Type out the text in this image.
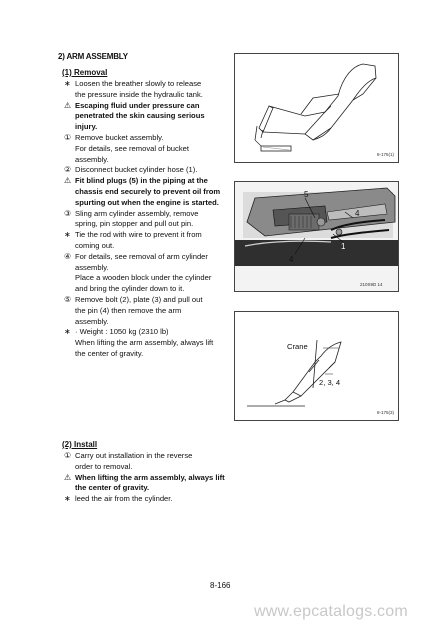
2) ARM ASSEMBLY
(1) Removal
∗ Loosen the breather slowly to release
the pressure inside the hydraulic tank.
⚠ Escaping fluid under pressure can
penetrated the skin causing serious
injury.
① Remove bucket assembly.
For details, see removal of bucket
assembly.
② Disconnect bucket cylinder hose (1).
⚠ Fit blind plugs (5) in the piping at the
chassis end securely to prevent oil from
spurting out when the engine is started.
③ Sling arm cylinder assembly, remove
spring, pin stopper and pull out pin.
∗ Tie the rod with wire to prevent it from
coming out.
④ For details, see removal of arm cylinder
assembly.
Place a wooden block under the cylinder
and bring the cylinder down to it.
⑤ Remove bolt (2), plate (3) and pull out
the pin (4) then remove the arm
assembly.
∗ · Weight : 1050 kg (2310 lb)
When lifting the arm assembly, always lift
the center of gravity.
(2) Install
① Carry out installation in the reverse
order to removal.
⚠ When lifting the arm assembly, always lift
the center of gravity.
∗ leed the air from the cylinder.
8-175(1)
5
4
4
1
210S9D 14
Crane
2, 3, 4
8-175(3)
8-166
www.epcatalogs.com
